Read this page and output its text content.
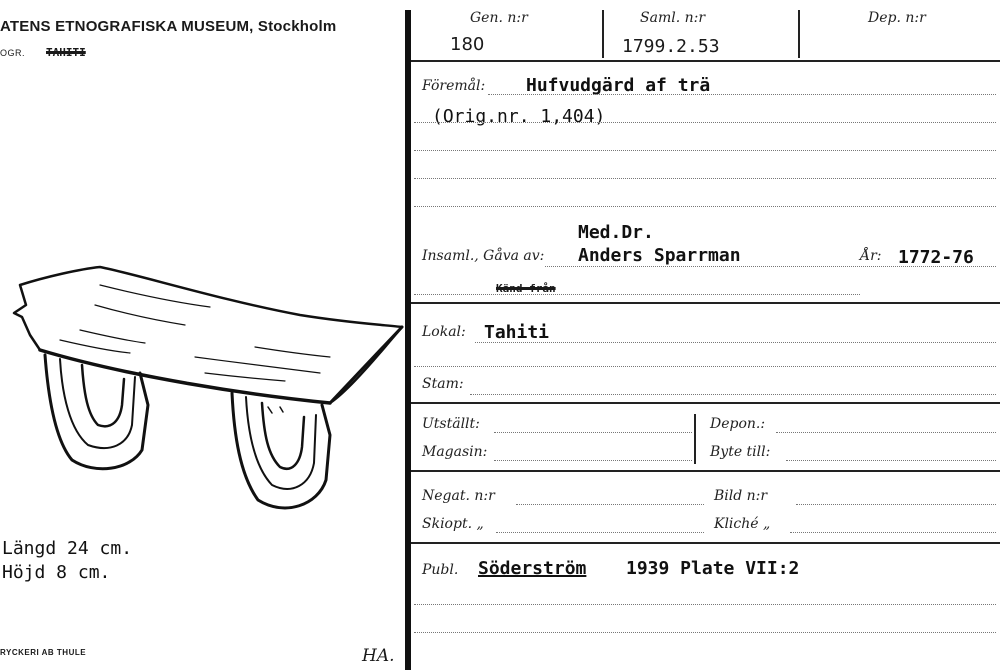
ATENS ETNOGRAFISKA MUSEUM, Stockholm
OGR. TAHITI
Längd 24 cm.
Höjd 8 cm.
RYCKERI AB THULE	HA.
Gen. n:r
180
Saml. n:r
1799.2.53
Dep. n:r
Föremål: Hufvudgärd af trä
(Orig.nr. 1,404)
Med.Dr.
Insaml., Gåva av: Anders Sparrman	År: 1772-76
Känd från
Lokal: Tahiti
Stam:
Utställt:
Magasin:
Depon.:
Byte till:
Negat. n:r	Bild n:r
Skiopt. „	Kliché „
Publ. Söderström 1939 Plate VII:2
